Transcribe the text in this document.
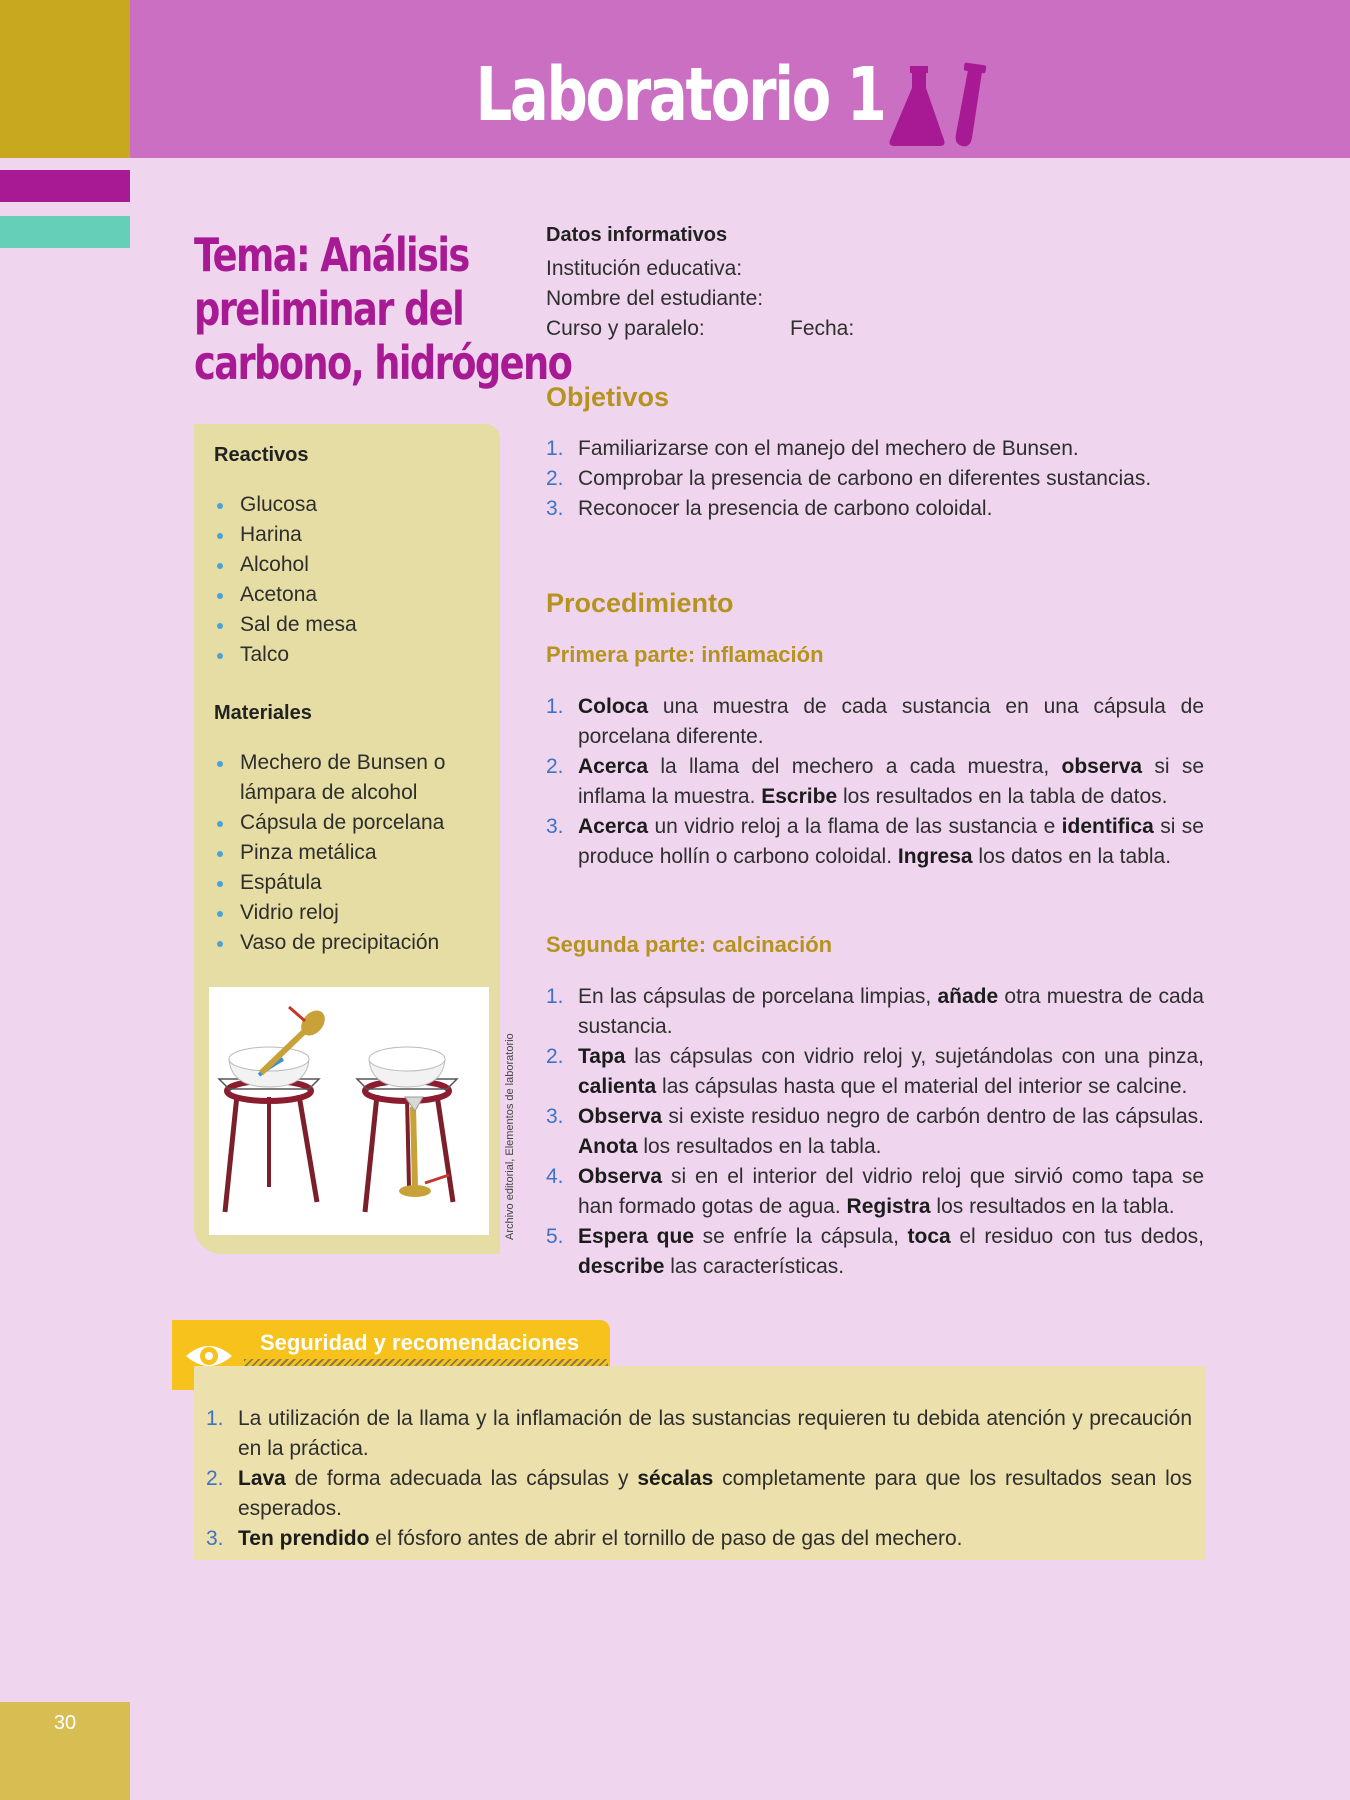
Laboratorio 1
Tema: Análisis
preliminar del
carbono, hidrógeno
Reactivos
Glucosa
Harina
Alcohol
Acetona
Sal de mesa
Talco
Materiales
Mechero de Bunsen o lámpara de alcohol
Cápsula de porcelana
Pinza metálica
Espátula
Vidrio reloj
Vaso de precipitación
Archivo editorial, Elementos de laboratorio
Datos informativos
Institución educativa:
Nombre del estudiante:
Curso y paralelo:	Fecha:
Objetivos
1. Familiarizarse con el manejo del mechero de Bunsen.
2. Comprobar la presencia de carbono en diferentes sustancias.
3. Reconocer la presencia de carbono coloidal.
Procedimiento
Primera parte: inflamación
1. Coloca una muestra de cada sustancia en una cápsula de porcelana diferente.
2. Acerca la llama del mechero a cada muestra, observa si se inflama la muestra. Escribe los resultados en la tabla de datos.
3. Acerca un vidrio reloj a la flama de las sustancia e identifica si se produce hollín o carbono coloidal. Ingresa los datos en la tabla.
Segunda parte: calcinación
1. En las cápsulas de porcelana limpias, añade otra muestra de cada sustancia.
2. Tapa las cápsulas con vidrio reloj y, sujetándolas con una pinza, calienta las cápsulas hasta que el material del interior se calcine.
3. Observa si existe residuo negro de carbón dentro de las cápsulas. Anota los resultados en la tabla.
4. Observa si en el interior del vidrio reloj que sirvió como tapa se han formado gotas de agua. Registra los resultados en la tabla.
5. Espera que se enfríe la cápsula, toca el residuo con tus dedos, describe las características.
Seguridad y recomendaciones
1. La utilización de la llama y la inflamación de las sustancias requieren tu debida atención y precaución en la práctica.
2. Lava de forma adecuada las cápsulas y sécalas completamente para que los resultados sean los esperados.
3. Ten prendido el fósforo antes de abrir el tornillo de paso de gas del mechero.
30
